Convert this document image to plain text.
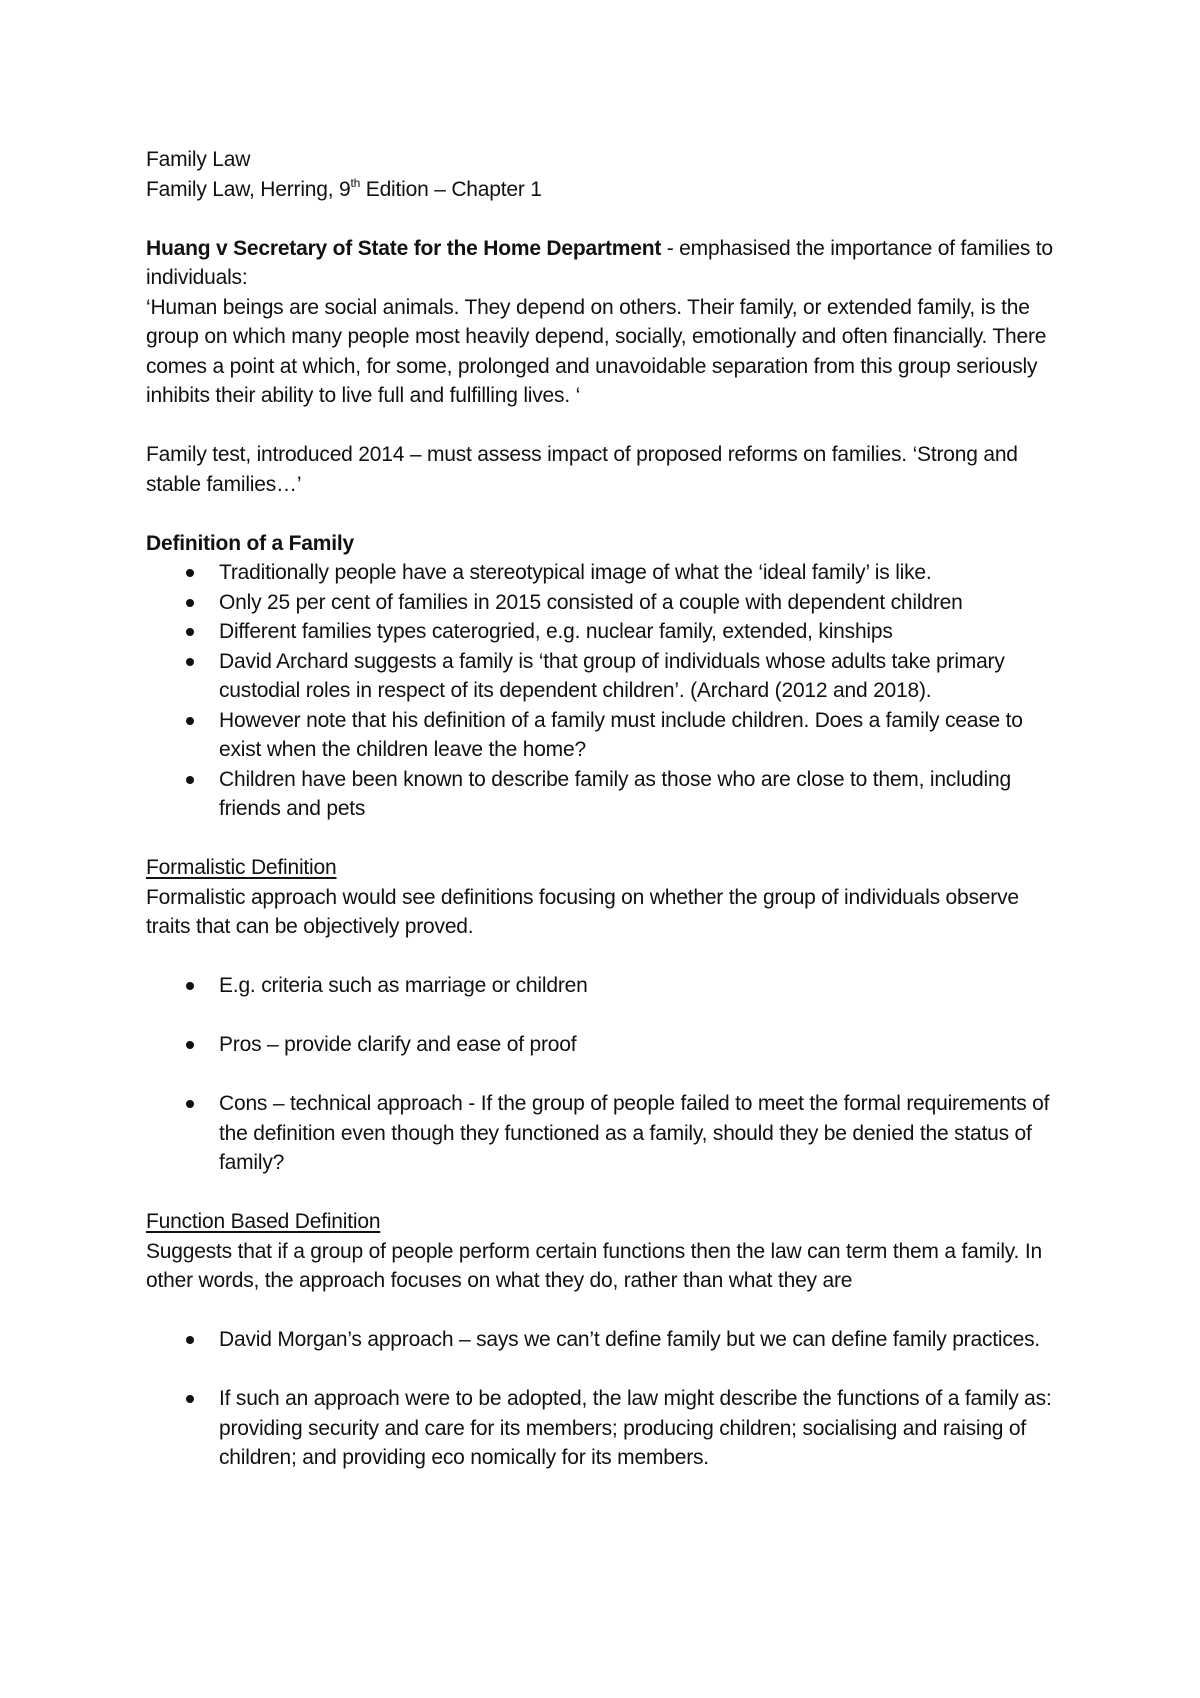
Family Law

Family Law, Herring, 9th Edition – Chapter 1

Huang v Secretary of State for the Home Department - emphasised the importance of families to individuals:

‘Human beings are social animals. They depend on others. Their family, or extended family, is the group on which many people most heavily depend, socially, emotionally and often financially. There comes a point at which, for some, prolonged and unavoidable separation from this group seriously inhibits their ability to live full and fulfilling lives. ‘

Family test, introduced 2014 – must assess impact of proposed reforms on families. ‘Strong and stable families…’

Definition of a Family

Traditionally people have a stereotypical image of what the ‘ideal family’ is like.
Only 25 per cent of families in 2015 consisted of a couple with dependent children
Different families types caterogried, e.g. nuclear family, extended, kinships
David Archard suggests a family is ‘that group of individuals whose adults take primary custodial roles in respect of its dependent children’. (Archard (2012 and 2018).
However note that his definition of a family must include children. Does a family cease to exist when the children leave the home?
Children have been known to describe family as those who are close to them, including friends and pets

Formalistic Definition

Formalistic approach would see definitions focusing on whether the group of individuals observe traits that can be objectively proved.

E.g. criteria such as marriage or children
Pros – provide clarify and ease of proof
Cons – technical approach - If the group of people failed to meet the formal requirements of the definition even though they functioned as a family, should they be denied the status of family?

Function Based Definition

Suggests that if a group of people perform certain functions then the law can term them a family. In other words, the approach focuses on what they do, rather than what they are

David Morgan’s approach – says we can’t define family but we can define family practices.
If such an approach were to be adopted, the law might describe the functions of a family as: providing security and care for its members; producing children; socialising and raising of children; and providing eco nomically for its members.
